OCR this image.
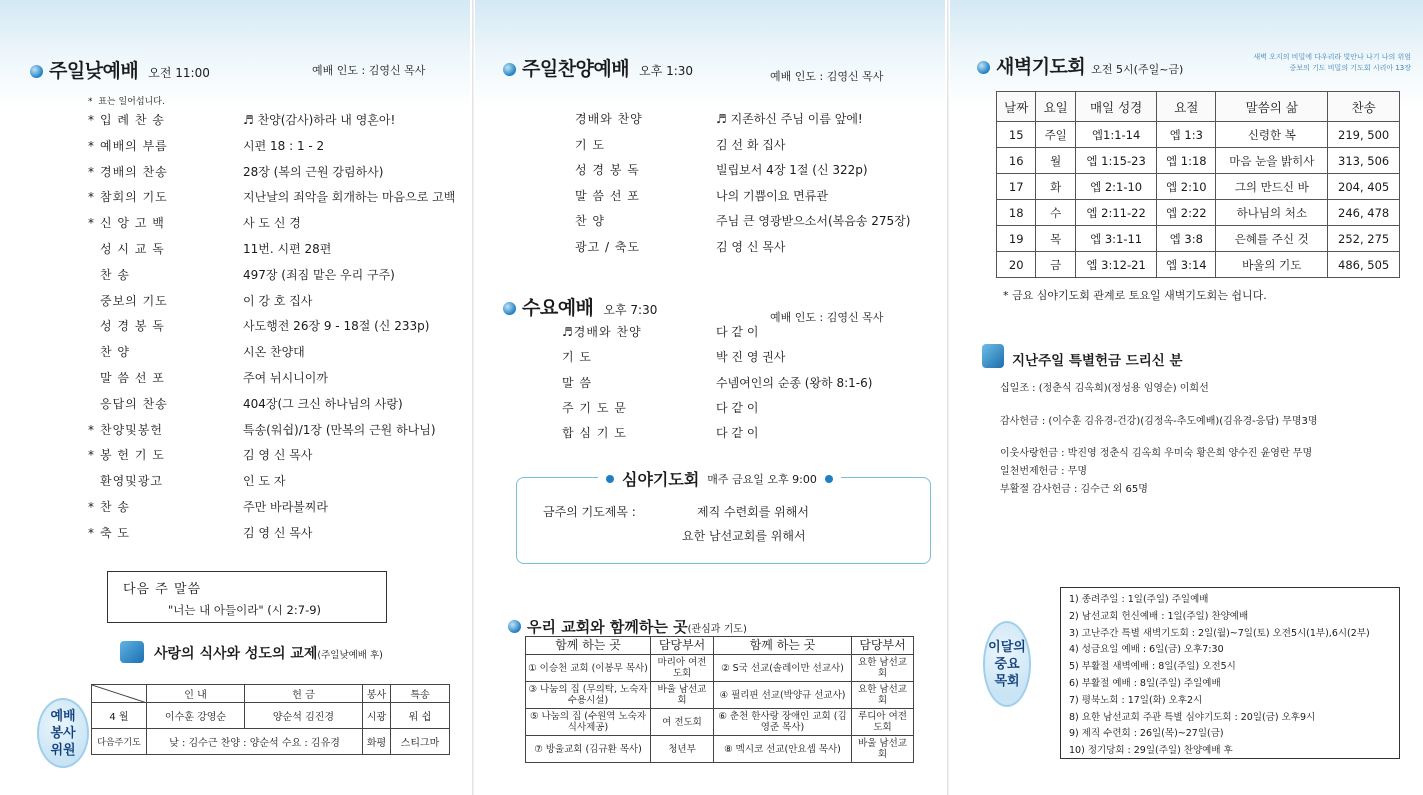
새벽 오지의 비밀에 다우리라 빛안나 나기 나의 위엄
중보의 기도 비밀의 기도회 시리아 13장
주일낮예배 오전 11:00	예배 인도 : 김영신 목사
*  표는 일어섭니다.
* 입 례 찬 송	♬ 찬양(감사)하라 내 영혼아!
* 예배의 부름	시편 18 : 1 - 2
* 경배의 찬송	28장 (복의 근원 강림하사)
* 참회의 기도	지난날의 죄악을 회개하는 마음으로 고백
* 신 앙 고 백	사 도 신 경
성 시 교 독	11번. 시편 28편
찬 송	497장 (죄짐 맡은 우리 구주)
중보의 기도	이 강 호 집사
성 경 봉 독	사도행전 26장 9 - 18절 (신 233p)
찬 양	시온 찬양대
말 씀 선 포	주여 뉘시니이까
응답의 찬송	404장(그 크신 하나님의 사랑)
* 찬양및봉헌	특송(워쉽)/1장 (만복의 근원 하나님)
* 봉 헌 기 도	김 영 신 목사
환영및광고	인 도 자
* 찬 송	주만 바라볼찌라
* 축 도	김 영 신 목사
다음 주 말씀
"너는 내 아들이라" (시 2:7-9)
사랑의 식사와 성도의 교제 (주일낮예배 후)
예배 봉사 위원
	인 내	헌 금	봉사	특송
4 월	이수훈 강영순	양순석 김진경	시광	워 쉽
다음주기도	낮 : 김수근 찬양 : 양순석 수요 : 김유경		화평	스티그마
주일찬양예배 오후 1:30	예배 인도 : 김영신 목사
경배와 찬양	♬ 지존하신 주님 이름 앞에!
기 도	김 선 화 집사
성 경 봉 독	빌립보서 4장 1절 (신 322p)
말 씀 선 포	나의 기쁨이요 면류관
찬 양	주님 큰 영광받으소서(복음송 275장)
광고 / 축도	김 영 신 목사
수요예배 오후 7:30
예배 인도 : 김영신 목사
♬경배와 찬양	다 같 이
기 도	박 진 영 권사
말 씀	수넴여인의 순종 (왕하 8:1-6)
주 기 도 문	다 같 이
합 심 기 도	다 같 이
금주의 기도제목 :	제직 수련회를 위해서
요한 남선교회를 위해서
심야기도회 매주 금요일 오후 9:00
우리 교회와 함께하는 곳 (관심과 기도)
함께 하는 곳	담당부서	함께 하는 곳	담당부서
① 이승천 교회 (이봉무 목사)	마리아 여전도회	② S국 선교(솔레이만 선교사)	요한 남선교회
③ 나눔의 집 (무의탁, 노숙자 수용시설)	바울 남선교회	④ 필리핀 선교(박양규 선교사)	요한 남선교회
⑤ 나눔의 집 (수원역 노숙자 식사제공)	여 전도회	⑥ 춘천 한사랑 장애인 교회 (김영준 목사)	루디아 여전도회
⑦ 방울교회 (김규환 목사)	청년부	⑧ 멕시코 선교(안요셉 목사)	바울 남선교회
새벽기도회 오전 5시(주일~금)
날짜	요일	매일 성경	요절	말씀의 삶	찬송
15	주일	엡1:1-14	엡 1:3	신령한 복	219, 500
16	월	엡 1:15-23	엡 1:18	마음 눈을 밝히사	313, 506
17	화	엡 2:1-10	엡 2:10	그의 만드신 바	204, 405
18	수	엡 2:11-22	엡 2:22	하나님의 처소	246, 478
19	목	엡 3:1-11	엡 3:8	은혜를 주신 것	252, 275
20	금	엡 3:12-21	엡 3:14	바울의 기도	486, 505
* 금요 심야기도회 관계로 토요일 새벽기도회는 쉽니다.
지난주일 특별헌금 드리신 분
십일조 : (정춘식 김옥희)(정성용 임영순) 이희선
감사헌금 : (이수훈 김유경-건강)(김정옥-추도예배)(김유경-응답) 무명3명
이웃사랑헌금 : 박진영 정춘식 김옥희 우미숙 황은희 양수진 윤영란 무명
일천번제헌금 : 무명
부활절 감사헌금 : 김수근 외 65명
이달의 중요 목회
1) 종려주일 : 1일(주일) 주일예배
2) 남선교회 헌신예배 : 1일(주일) 찬양예배
3) 고난주간 특별 새벽기도회 : 2일(월)~7일(토) 오전5시(1부),6시(2부)
4) 성금요일 예배 : 6일(금) 오후7:30
5) 부활절 새벽예배 : 8일(주일) 오전5시
6) 부활절 예배 : 8일(주일) 주일예배
7) 평북노회 : 17일(화) 오후2시
8) 요한 남선교회 주관 특별 심야기도회 : 20일(금) 오후9시
9) 제직 수련회 : 26일(목)~27일(금)
10) 정기당회 : 29일(주일) 찬양예배 후
